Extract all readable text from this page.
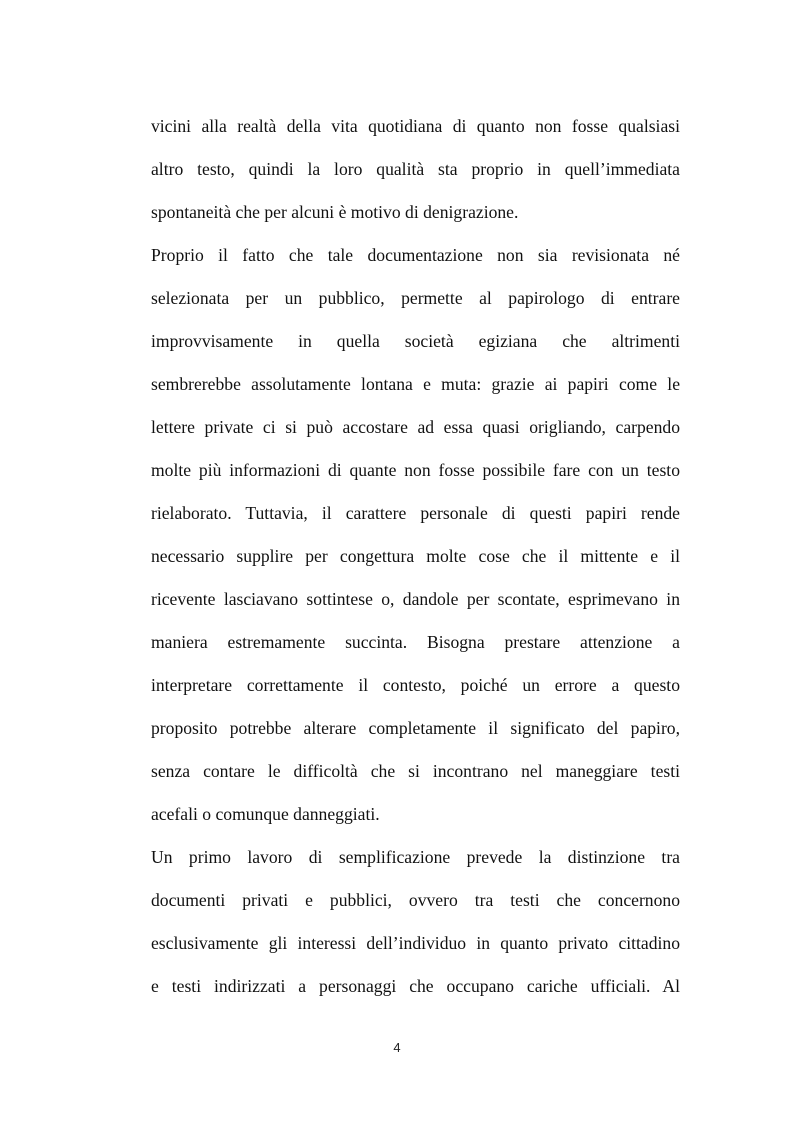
vicini alla realtà della vita quotidiana di quanto non fosse qualsiasi
altro testo, quindi la loro qualità sta proprio in quell’immediata
spontaneità che per alcuni è motivo di denigrazione.
Proprio il fatto che tale documentazione non sia revisionata né
selezionata per un pubblico, permette al papirologo di entrare
improvvisamente in quella società egiziana che altrimenti
sembrerebbe assolutamente lontana e muta: grazie ai papiri come le
lettere private ci si può accostare ad essa quasi origliando, carpendo
molte più informazioni di quante non fosse possibile fare con un testo
rielaborato. Tuttavia, il carattere personale di questi papiri rende
necessario supplire per congettura molte cose che il mittente e il
ricevente lasciavano sottintese o, dandole per scontate, esprimevano in
maniera estremamente succinta. Bisogna prestare attenzione a
interpretare correttamente il contesto, poiché un errore a questo
proposito potrebbe alterare completamente il significato del papiro,
senza contare le difficoltà che si incontrano nel maneggiare testi
acefali o comunque danneggiati.
Un primo lavoro di semplificazione prevede la distinzione tra
documenti privati e pubblici, ovvero tra testi che concernono
esclusivamente gli interessi dell’individuo in quanto privato cittadino
e testi indirizzati a personaggi che occupano cariche ufficiali. Al
4
